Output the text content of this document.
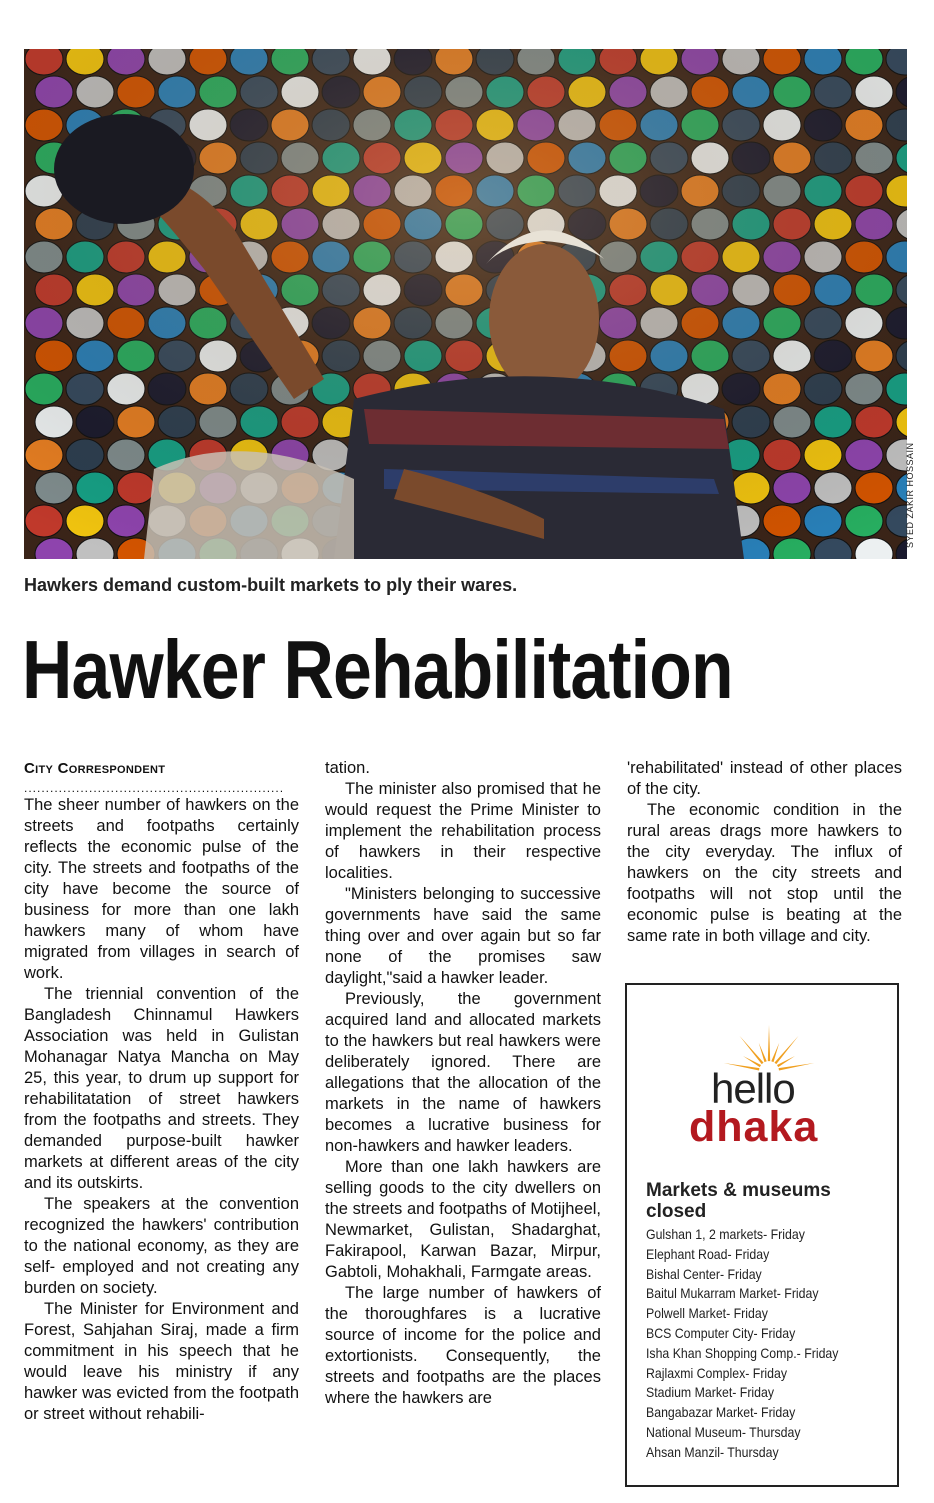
SYED ZAKIR HOSSAIN
Hawkers demand custom-built markets to ply their wares.
Hawker Rehabilitation
City Correspondent
............................................................

The sheer number of hawkers on the streets and footpaths certainly reflects the economic pulse of the city. The streets and footpaths of the city have become the source of business for more than one lakh hawkers many of whom have migrated from villages in search of work.

The triennial convention of the Bangladesh Chinnamul Hawkers Association was held in Gulistan Mohanagar Natya Mancha on May 25, this year, to drum up support for rehabilitatation of street hawkers from the footpaths and streets. They demanded purpose-built hawker markets at different areas of the city and its outskirts.

The speakers at the convention recognized the hawkers' contribution to the national economy, as they are self- employed and not creating any burden on society.

The Minister for Environment and Forest, Sahjahan Siraj, made a firm commitment in his speech that he would leave his ministry if any hawker was evicted from the footpath or street without rehabili-

tation.

The minister also promised that he would request the Prime Minister to implement the rehabilitation process of hawkers in their respective localities.

"Ministers belonging to successive governments have said the same thing over and over again but so far none of the promises saw daylight,"said a hawker leader.

Previously, the government acquired land and allocated markets to the hawkers but real hawkers were deliberately ignored. There are allegations that the allocation of the markets in the name of hawkers becomes a lucrative business for non-hawkers and hawker leaders.

More than one lakh hawkers are selling goods to the city dwellers on the streets and footpaths of Motijheel, Newmarket, Gulistan, Shadarghat, Fakirapool, Karwan Bazar, Mirpur, Gabtoli, Mohakhali, Farmgate areas.

The large number of hawkers of the thoroughfares is a lucrative source of income for the police and extortionists. Consequently, the streets and footpaths are the places where the hawkers are

'rehabilitated' instead of other places of the city.

The economic condition in the rural areas drags more hawkers to the city everyday. The influx of hawkers on the city streets and footpaths will not stop until the economic pulse is beating at the same rate in both village and city.

hello
dhaka
Markets & museums closed
Gulshan 1, 2 markets- Friday
Elephant Road- Friday
Bishal Center- Friday
Baitul Mukarram Market- Friday
Polwell Market- Friday
BCS Computer City- Friday
Isha Khan Shopping Comp.- Friday
Rajlaxmi Complex- Friday
Stadium Market- Friday
Bangabazar Market- Friday
National Museum- Thursday
Ahsan Manzil- Thursday
